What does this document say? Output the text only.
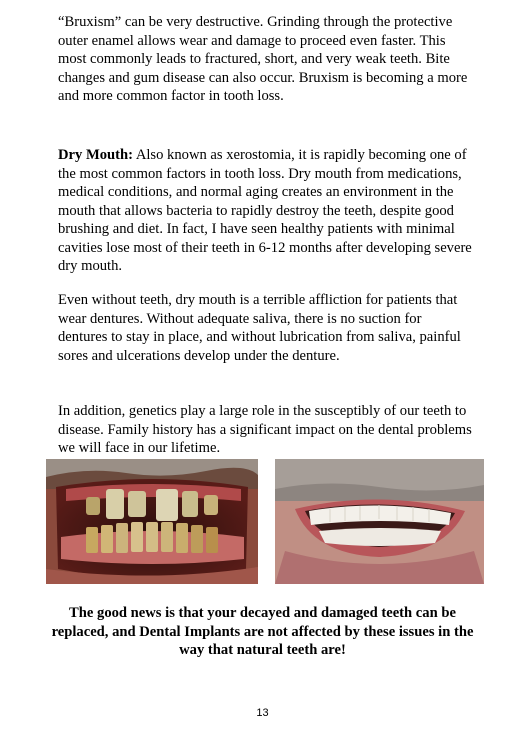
“Bruxism” can be very destructive. Grinding through the protective outer enamel allows wear and damage to proceed even faster. This most commonly leads to fractured, short, and very weak teeth. Bite changes and gum disease can also occur. Bruxism is becoming a more and more common factor in tooth loss.

Dry Mouth: Also known as xerostomia, it is rapidly becoming one of the most common factors in tooth loss. Dry mouth from medications, medical conditions, and normal aging creates an environment in the mouth that allows bacteria to rapidly destroy the teeth, despite good brushing and diet. In fact, I have seen healthy patients with minimal cavities lose most of their teeth in 6-12 months after developing severe dry mouth.

Even without teeth, dry mouth is a terrible affliction for patients that wear dentures. Without adequate saliva, there is no suction for dentures to stay in place, and without lubrication from saliva, painful sores and ulcerations develop under the denture.

In addition, genetics play a large role in the susceptibly of our teeth to disease. Family history has a significant impact on the dental problems we will face in our lifetime.

The good news is that your decayed and damaged teeth can be replaced, and Dental Implants are not affected by these issues in the way that natural teeth are!
13
